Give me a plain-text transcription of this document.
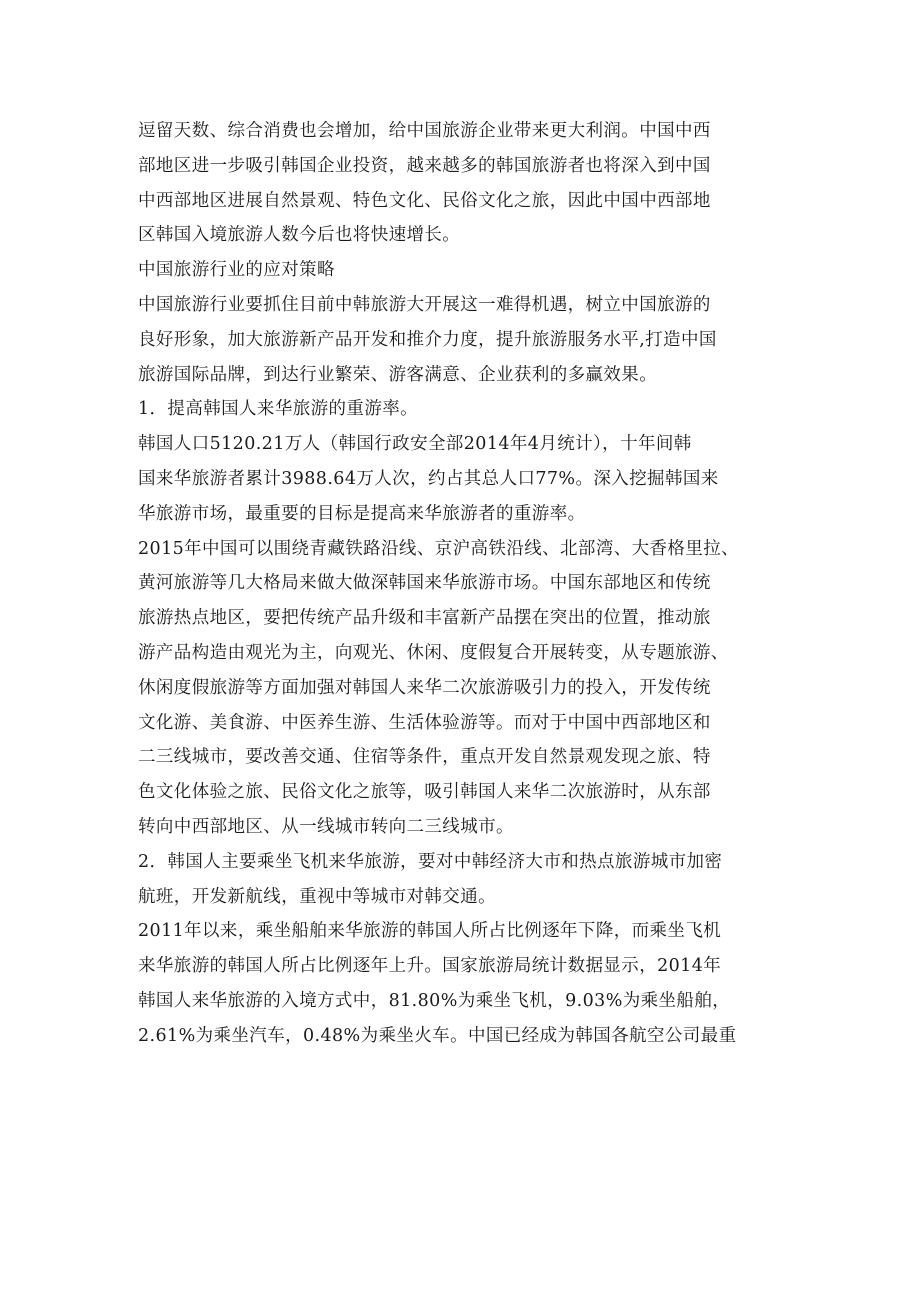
逗留天数、综合消费也会增加，给中国旅游企业带来更大利润。中国中西
部地区进一步吸引韩国企业投资，越来越多的韩国旅游者也将深入到中国
中西部地区进展自然景观、特色文化、民俗文化之旅，因此中国中西部地
区韩国入境旅游人数今后也将快速增长。
中国旅游行业的应对策略
中国旅游行业要抓住目前中韩旅游大开展这一难得机遇，树立中国旅游的
良好形象，加大旅游新产品开发和推介力度，提升旅游服务水平,打造中国
旅游国际品牌，到达行业繁荣、游客满意、企业获利的多赢效果。
1．提高韩国人来华旅游的重游率。
韩国人口5120.21万人（韩国行政安全部2014年4月统计），十年间韩
国来华旅游者累计3988.64万人次，约占其总人口77%。深入挖掘韩国来
华旅游市场，最重要的目标是提高来华旅游者的重游率。
2015年中国可以围绕青藏铁路沿线、京沪高铁沿线、北部湾、大香格里拉、
黄河旅游等几大格局来做大做深韩国来华旅游市场。中国东部地区和传统
旅游热点地区，要把传统产品升级和丰富新产品摆在突出的位置，推动旅
游产品构造由观光为主，向观光、休闲、度假复合开展转变，从专题旅游、
休闲度假旅游等方面加强对韩国人来华二次旅游吸引力的投入，开发传统
文化游、美食游、中医养生游、生活体验游等。而对于中国中西部地区和
二三线城市，要改善交通、住宿等条件，重点开发自然景观发现之旅、特
色文化体验之旅、民俗文化之旅等，吸引韩国人来华二次旅游时，从东部
转向中西部地区、从一线城市转向二三线城市。
2．韩国人主要乘坐飞机来华旅游，要对中韩经济大市和热点旅游城市加密
航班，开发新航线，重视中等城市对韩交通。
2011年以来，乘坐船舶来华旅游的韩国人所占比例逐年下降，而乘坐飞机
来华旅游的韩国人所占比例逐年上升。国家旅游局统计数据显示，2014年
韩国人来华旅游的入境方式中，81.80%为乘坐飞机，9.03%为乘坐船舶，
2.61%为乘坐汽车，0.48%为乘坐火车。中国已经成为韩国各航空公司最重
